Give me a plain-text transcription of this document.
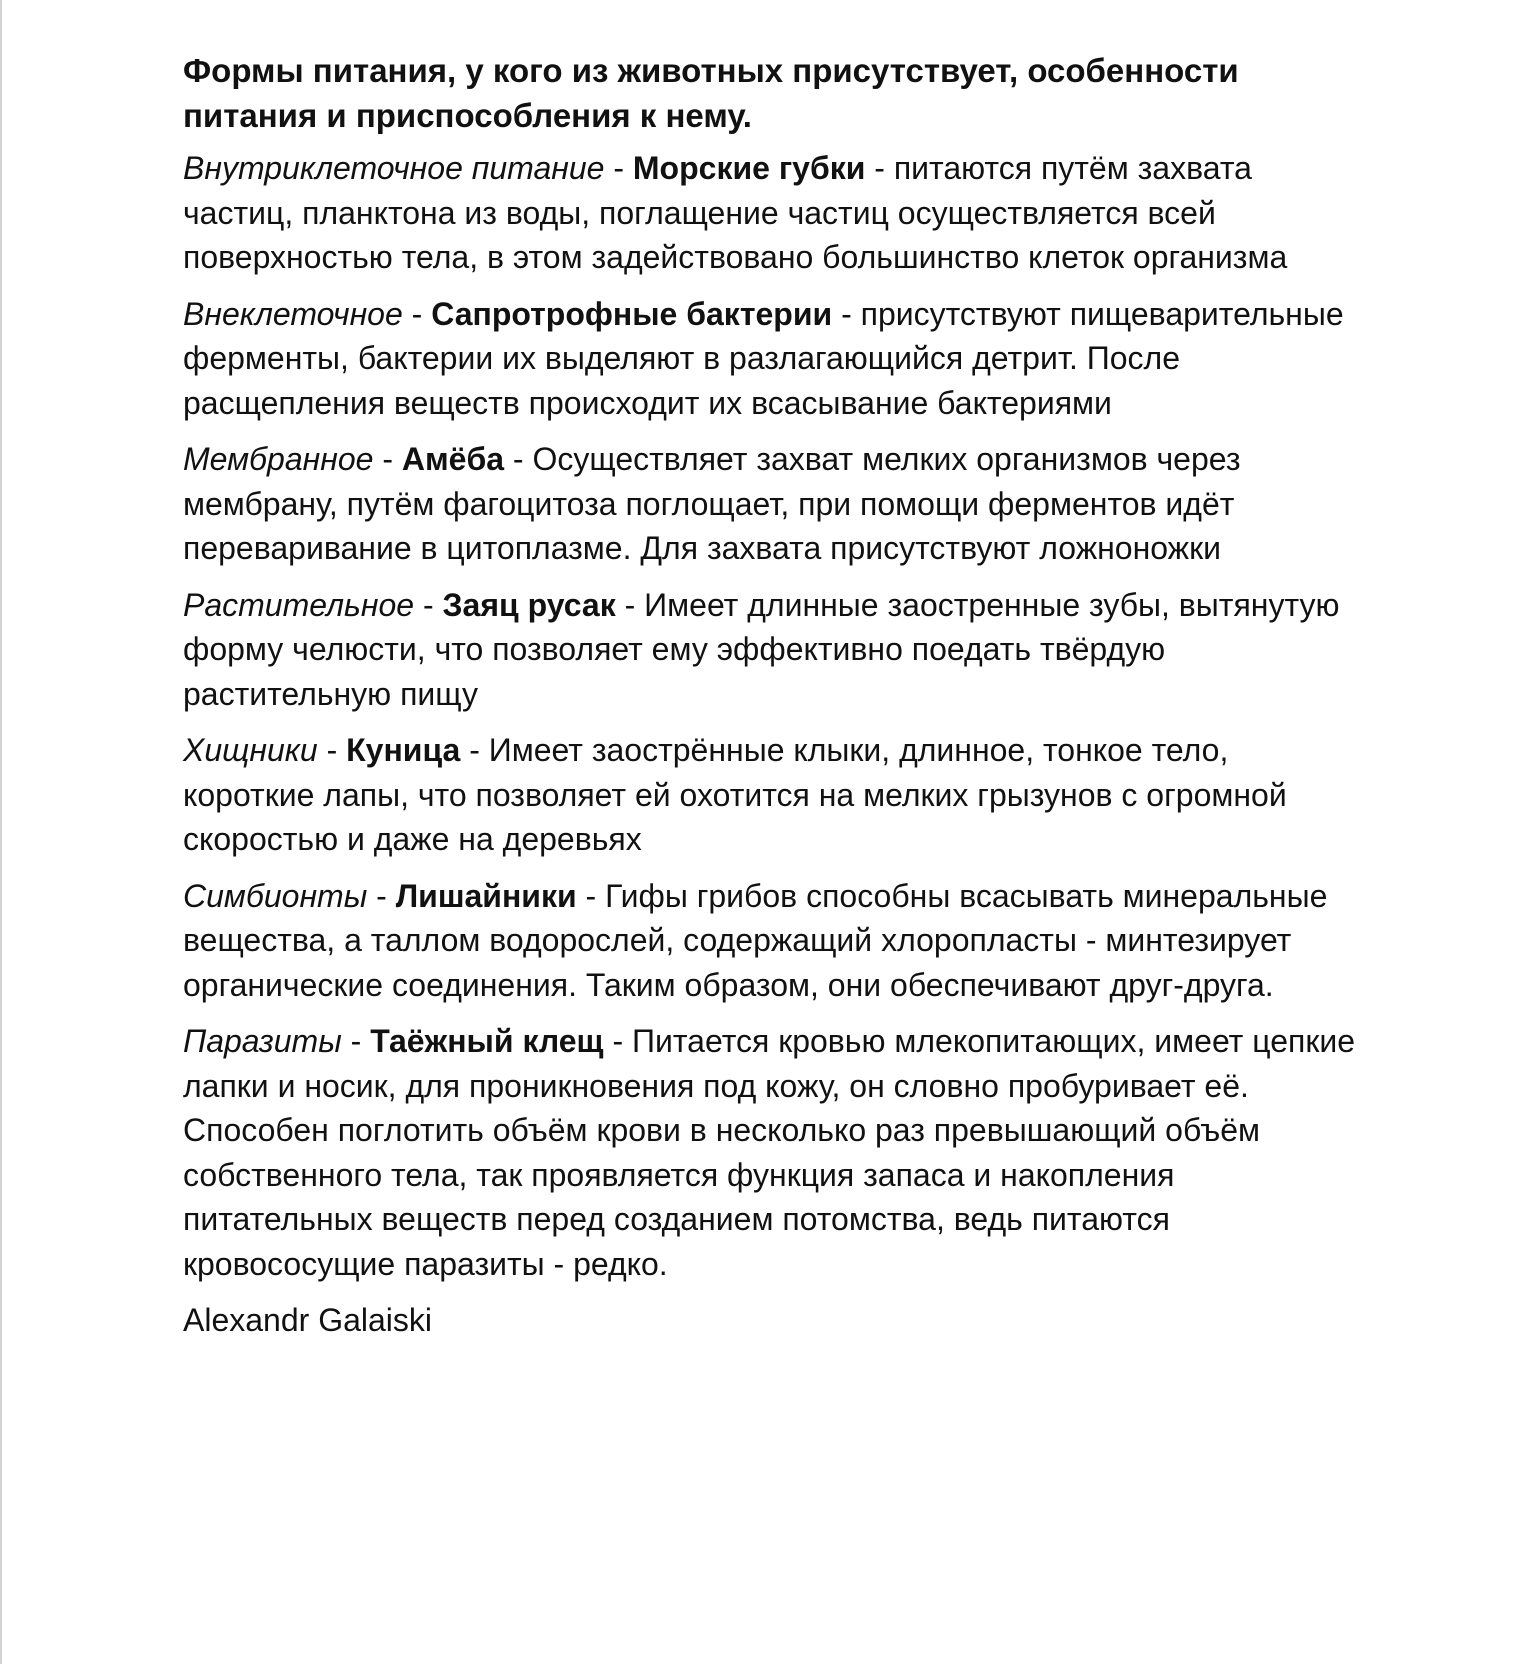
Формы питания, у кого из животных присутствует, особенности питания и приспособления к нему.

Внутриклеточное питание - Морские губки - питаются путём захвата частиц, планктона из воды, поглащение частиц осуществляется всей поверхностью тела, в этом задействовано большинство клеток организма

Внеклеточное - Сапротрофные бактерии - присутствуют пищеварительные ферменты, бактерии их выделяют в разлагающийся детрит. После расщепления веществ происходит их всасывание бактериями

Мембранное - Амёба - Осуществляет захват мелких организмов через мембрану, путём фагоцитоза поглощает, при помощи ферментов идёт переваривание в цитоплазме. Для захвата присутствуют ложноножки

Растительное - Заяц русак - Имеет длинные заостренные зубы, вытянутую форму челюсти, что позволяет ему эффективно поедать твёрдую растительную пищу

Хищники - Куница - Имеет заострённые клыки, длинное, тонкое тело, короткие лапы, что позволяет ей охотится на мелких грызунов с огромной скоростью и даже на деревьях

Симбионты - Лишайники - Гифы грибов способны всасывать минеральные вещества, а таллом водорослей, содержащий хлоропласты - минтезирует органические соединения. Таким образом, они обеспечивают друг-друга.

Паразиты - Таёжный клещ - Питается кровью млекопитающих, имеет цепкие лапки и носик, для проникновения под кожу, он словно пробуривает её. Способен поглотить объём крови в несколько раз превышающий объём собственного тела, так проявляется функция запаса и накопления питательных веществ перед созданием потомства, ведь питаются кровососущие паразиты - редко.

Alexandr Galaiski
